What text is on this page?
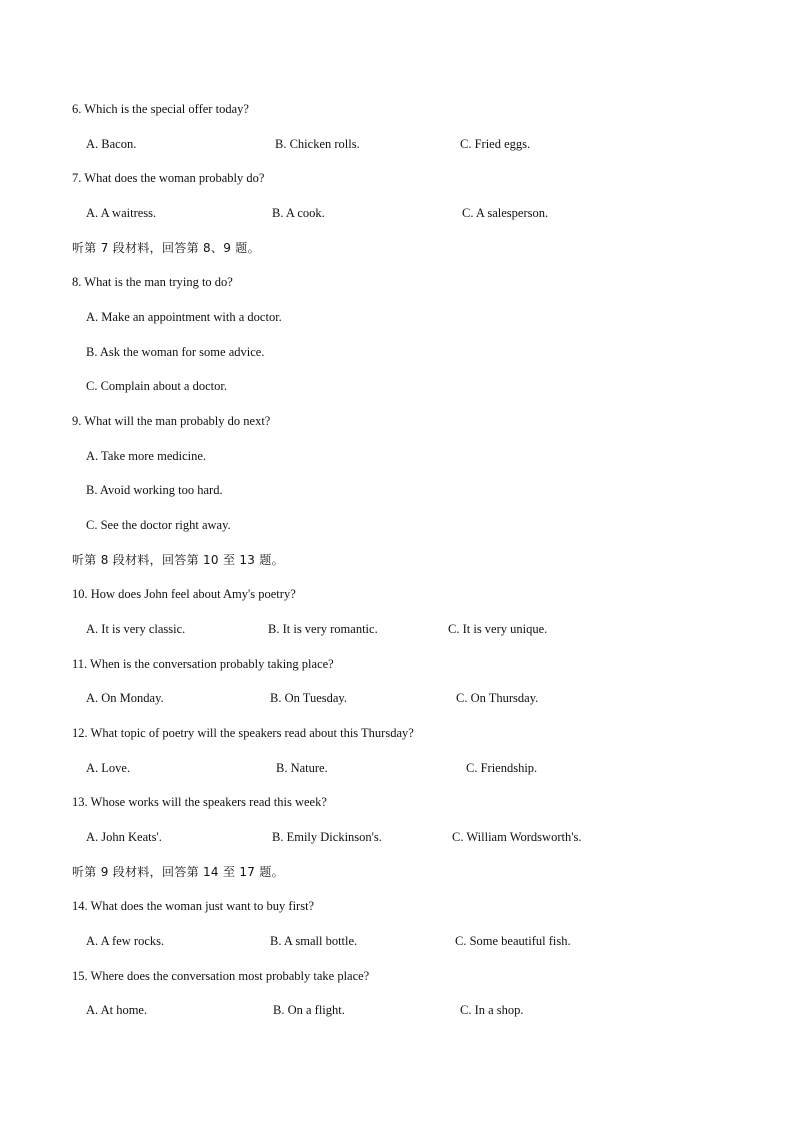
6. Which is the special offer today?
A. Bacon.	B. Chicken rolls.	C. Fried eggs.
7. What does the woman probably do?
A. A waitress.	B. A cook.	C. A salesperson.
听第 7 段材料，回答第 8、9 题。
8. What is the man trying to do?
A. Make an appointment with a doctor.
B. Ask the woman for some advice.
C. Complain about a doctor.
9. What will the man probably do next?
A. Take more medicine.
B. Avoid working too hard.
C. See the doctor right away.
听第 8 段材料，回答第 10 至 13 题。
10. How does John feel about Amy's poetry?
A. It is very classic.	B. It is very romantic.	C. It is very unique.
11. When is the conversation probably taking place?
A. On Monday.	B. On Tuesday.	C. On Thursday.
12. What topic of poetry will the speakers read about this Thursday?
A. Love.	B. Nature.	C. Friendship.
13. Whose works will the speakers read this week?
A. John Keats'.	B. Emily Dickinson's.	C. William Wordsworth's.
听第 9 段材料，回答第 14 至 17 题。
14. What does the woman just want to buy first?
A. A few rocks.	B. A small bottle.	C. Some beautiful fish.
15. Where does the conversation most probably take place?
A. At home.	B. On a flight.	C. In a shop.
